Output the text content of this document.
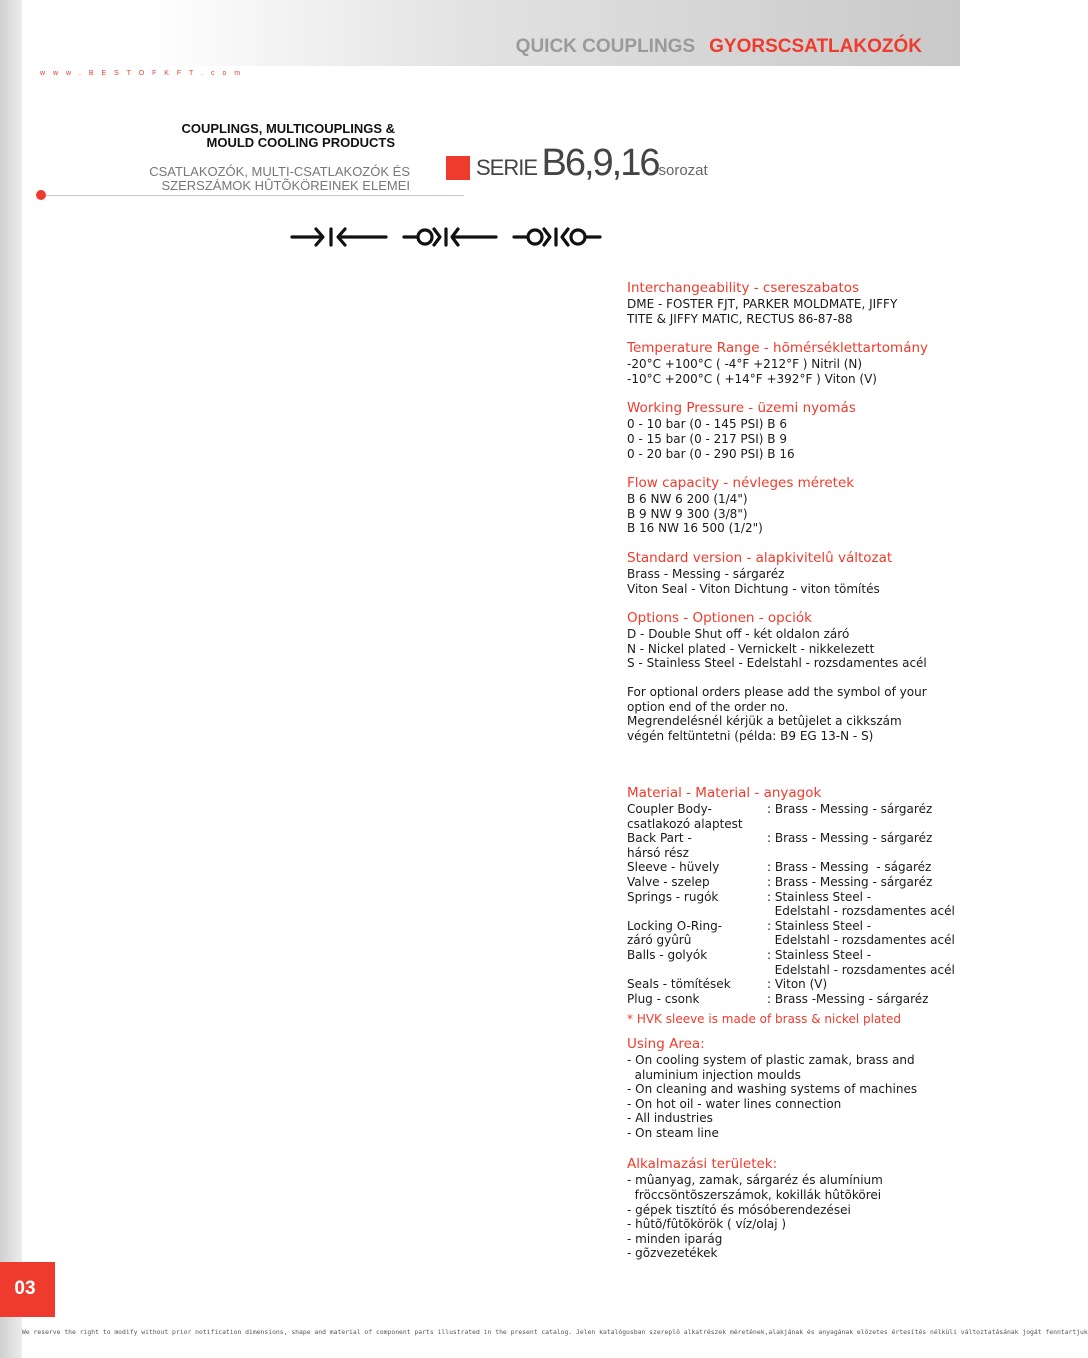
03
QUICK COUPLINGS GYORSCSATLAKOZÓK
w w w . B E S T O F K F T . c o m
COUPLINGS, MULTICOUPLINGS &
MOULD COOLING PRODUCTS
CSATLAKOZÓK, MULTI-CSATLAKOZÓK ÉS
SZERSZÁMOK HÛTÕKÖREINEK ELEMEI
SERIE B6,9,16sorozat
Interchangeability - csereszabatos
DME - FOSTER FJT, PARKER MOLDMATE, JIFFY
TITE & JIFFY MATIC, RECTUS 86-87-88
Temperature Range - hõmérséklettartomány
-20°C +100°C ( -4°F +212°F ) Nitril (N)
-10°C +200°C ( +14°F +392°F ) Viton (V)
Working Pressure - üzemi nyomás
0 - 10 bar (0 - 145 PSI) B 6
0 - 15 bar (0 - 217 PSI) B 9
0 - 20 bar (0 - 290 PSI) B 16
Flow capacity - névleges méretek
B 6 NW 6 200 (1/4")
B 9 NW 9 300 (3/8")
B 16 NW 16 500 (1/2")
Standard version - alapkivitelû változat
Brass - Messing - sárgaréz
Viton Seal - Viton Dichtung - viton tömítés
Options - Optionen - opciók
D - Double Shut off - két oldalon záró
N - Nickel plated - Vernickelt - nikkelezett
S - Stainless Steel - Edelstahl - rozsdamentes acél
For optional orders please add the symbol of your
option end of the order no.
Megrendelésnél kérjük a betûjelet a cikkszám
végén feltüntetni (példa: B9 EG 13-N - S)
Material - Material - anyagok
Coupler Body-	: Brass - Messing - sárgaréz
csatlakozó alaptest
Back Part -	: Brass - Messing - sárgaréz
hársó rész
Sleeve - hüvely	: Brass - Messing  - ságaréz
Valve - szelep	: Brass - Messing - sárgaréz
Springs - rugók	: Stainless Steel -
Edelstahl - rozsdamentes acél
Locking O-Ring-	: Stainless Steel -
záró gyûrû	Edelstahl - rozsdamentes acél
Balls - golyók	: Stainless Steel -
Edelstahl - rozsdamentes acél
Seals - tömítések	: Viton (V)
Plug - csonk	: Brass -Messing - sárgaréz
* HVK sleeve is made of brass & nickel plated
Using Area:
- On cooling system of plastic zamak, brass and
aluminium injection moulds
- On cleaning and washing systems of machines
- On hot oil - water lines connection
- All industries
- On steam line
Alkalmazási területek:
- mûanyag, zamak, sárgaréz és alumínium
fröccsöntõszerszámok, kokillák hûtõkörei
- gépek tisztító és mósóberendezései
- hûtõ/fûtõkörök ( víz/olaj )
- minden iparág
- gõzvezetékek
We reserve the right to modify without prior notification dimensions, shape and material of component parts illustrated in the present catalog. Jelen katalógusban szereplõ alkatrészek méretének,alakjának és anyagának elõzetes értesítés nélküli változtatásának jogát fenntartjuk
